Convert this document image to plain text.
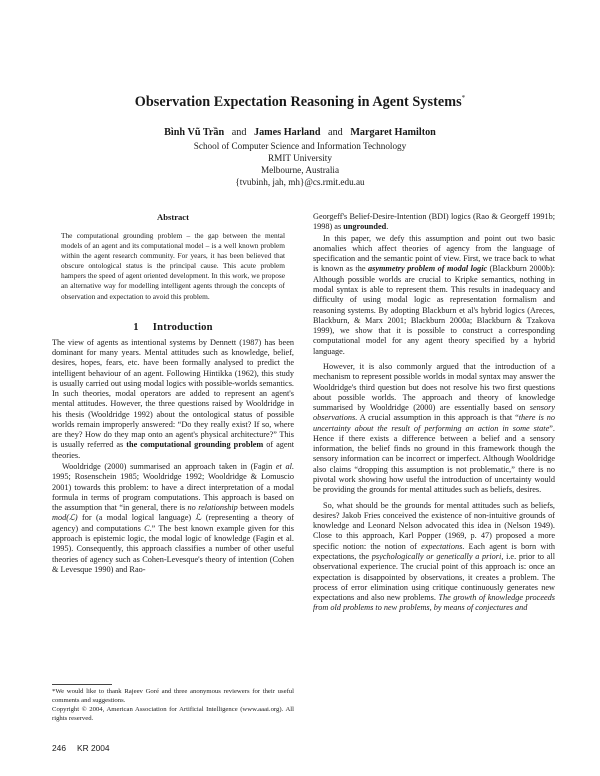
Observation Expectation Reasoning in Agent Systems*
Bình Vũ Trần and James Harland and Margaret Hamilton
School of Computer Science and Information Technology
RMIT University
Melbourne, Australia
{tvubinh, jah, mh}@cs.rmit.edu.au
Abstract
The computational grounding problem – the gap between the mental models of an agent and its computational model – is a well known problem within the agent research community. For years, it has been believed that obscure ontological status is the principal cause. This acute problem hampers the speed of agent oriented development. In this work, we propose an alternative way for modelling intelligent agents through the concepts of observation and expectation to avoid this problem.
1 Introduction

The view of agents as intentional systems by Dennett (1987) has been dominant for many years. Mental attitudes such as knowledge, belief, desires, hopes, fears, etc. have been formally analysed to predict the intelligent behaviour of an agent. Following Hintikka (1962), this study is usually carried out using modal logics with possible-worlds semantics. In such theories, modal operators are added to represent an agent's mental attitudes. However, the three questions raised by Wooldridge in his thesis (Wooldridge 1992) about the ontological status of possible worlds remain improperly answered: “Do they really exist? If so, where are they? How do they map onto an agent's physical architecture?” This is usually referred as the computational grounding problem of agent theories.

Wooldridge (2000) summarised an approach taken in (Fagin et al. 1995; Rosenschein 1985; Wooldridge 1992; Wooldridge & Lomuscio 2001) towards this problem: to have a direct interpretation of a modal formula in terms of program computations. This approach is based on the assumption that “in general, there is no relationship between models mod(ℒ) for (a modal logical language) ℒ (representing a theory of agency) and computations C.” The best known example given for this approach is epistemic logic, the modal logic of knowledge (Fagin et al. 1995). Consequently, this approach classifies a number of other useful theories of agency such as Cohen-Levesque's theory of intention (Cohen & Levesque 1990) and Rao-

*We would like to thank Rajeev Goré and three anonymous reviewers for their useful comments and suggestions.

Copyright © 2004, American Association for Artificial Intelligence (www.aaai.org). All rights reserved.

Georgeff's Belief-Desire-Intention (BDI) logics (Rao & Georgeff 1991b; 1998) as ungrounded.

In this paper, we defy this assumption and point out two basic anomalies which affect theories of agency from the language of specification and the semantic point of view. First, we trace back to what is known as the asymmetry problem of modal logic (Blackburn 2000b): Although possible worlds are crucial to Kripke semantics, nothing in modal syntax is able to represent them. This results in inadequacy and difficulty of using modal logic as representation formalism and reasoning systems. By adopting Blackburn et al's hybrid logics (Areces, Blackburn, & Marx 2001; Blackburn 2000a; Blackburn & Tzakova 1999), we show that it is possible to construct a corresponding computational model for any agent theory specified by a hybrid language.

However, it is also commonly argued that the introduction of a mechanism to represent possible worlds in modal syntax may answer the Wooldridge's third question but does not resolve his two first questions about possible worlds. The approach and theory of knowledge summarised by Wooldridge (2000) are essentially based on sensory observations. A crucial assumption in this approach is that “there is no uncertainty about the result of performing an action in some state”. Hence if there exists a difference between a belief and a sensory information, the belief finds no ground in this framework though the sensory information can be incorrect or imperfect. Although Wooldridge also claims “dropping this assumption is not problematic,” there is no pivotal work showing how useful the introduction of uncertainty would be providing the grounds for mental attitudes such as beliefs, desires.

So, what should be the grounds for mental attitudes such as beliefs, desires? Jakob Fries conceived the existence of non-intuitive grounds of knowledge and Leonard Nelson advocated this idea in (Nelson 1949). Close to this approach, Karl Popper (1969, p. 47) proposed a more specific notion: the notion of expectations. Each agent is born with expectations, the psychologically or genetically a priori, i.e. prior to all observational experience. The crucial point of this approach is: once an expectation is disappointed by observations, it creates a problem. The process of error elimination using critique continuously generates new expectations and also new problems. The growth of knowledge proceeds from old problems to new problems, by means of conjectures and

246 KR 2004
